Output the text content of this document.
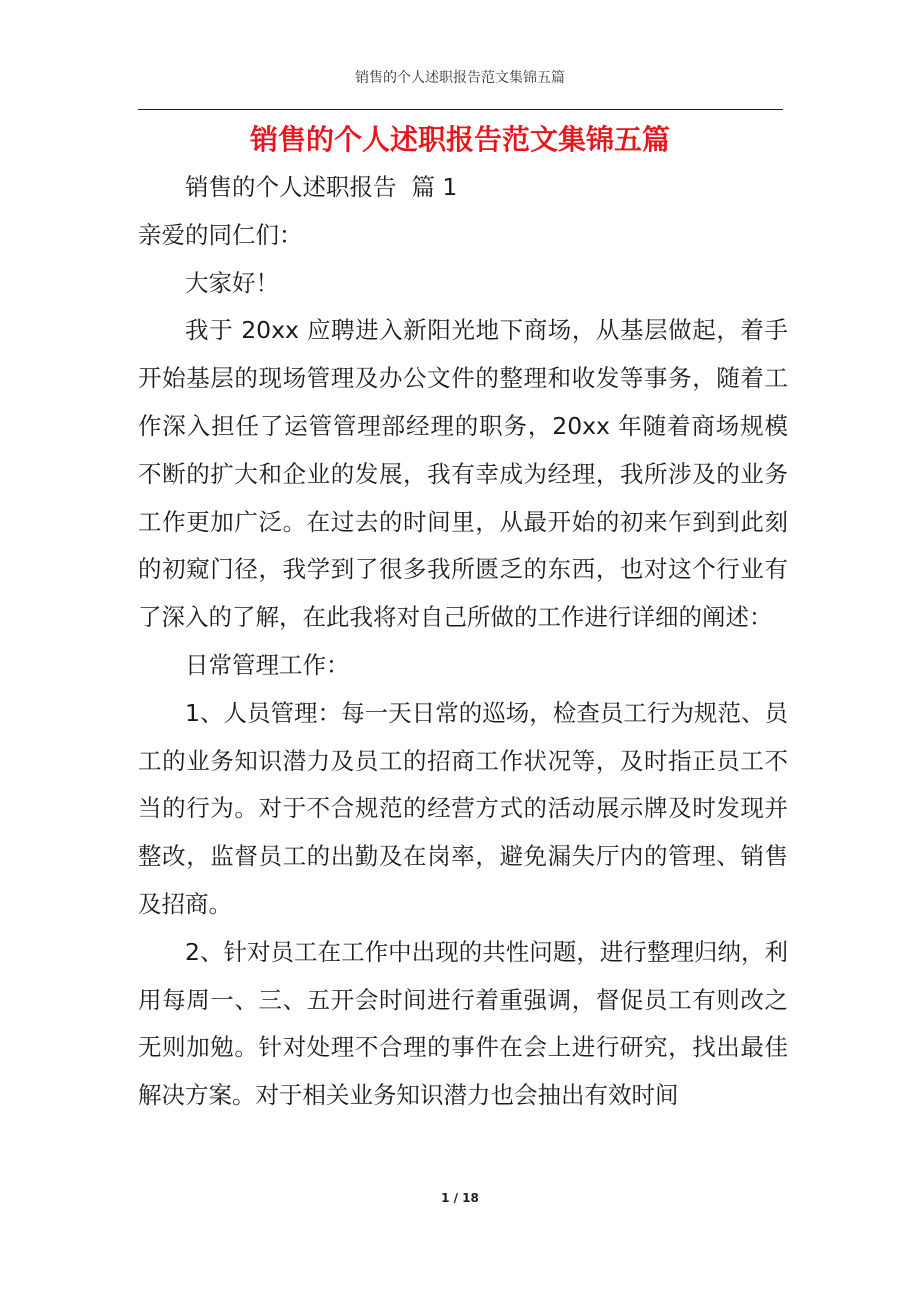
销售的个人述职报告范文集锦五篇
销售的个人述职报告范文集锦五篇

销售的个人述职报告  篇 1

亲爱的同仁们：

大家好！

我于 20xx 应聘进入新阳光地下商场，从基层做起，着手开始基层的现场管理及办公文件的整理和收发等事务，随着工作深入担任了运管管理部经理的职务，20xx 年随着商场规模不断的扩大和企业的发展，我有幸成为经理，我所涉及的业务工作更加广泛。在过去的时间里，从最开始的初来乍到到此刻的初窥门径，我学到了很多我所匮乏的东西，也对这个行业有了深入的了解，在此我将对自己所做的工作进行详细的阐述：

日常管理工作：

1、人员管理：每一天日常的巡场，检查员工行为规范、员工的业务知识潜力及员工的招商工作状况等，及时指正员工不当的行为。对于不合规范的经营方式的活动展示牌及时发现并整改，监督员工的出勤及在岗率，避免漏失厅内的管理、销售及招商。

2、针对员工在工作中出现的共性问题，进行整理归纳，利用每周一、三、五开会时间进行着重强调，督促员工有则改之无则加勉。针对处理不合理的事件在会上进行研究，找出最佳解决方案。对于相关业务知识潜力也会抽出有效时间

1 / 18
